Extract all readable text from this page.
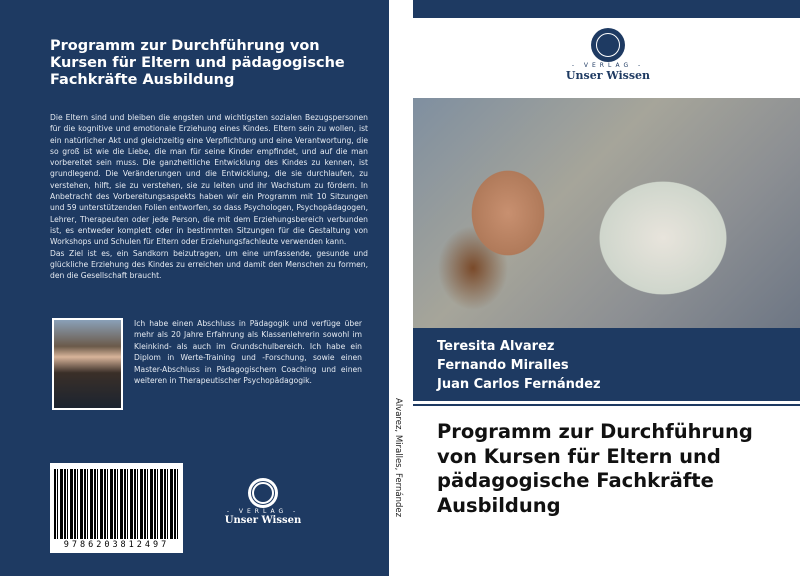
Programm zur Durchführung von Kursen für Eltern und pädagogische Fachkräfte Ausbildung

Die Eltern sind und bleiben die engsten und wichtigsten sozialen Bezugspersonen für die kognitive und emotionale Erziehung eines Kindes. Eltern sein zu wollen, ist ein natürlicher Akt und gleichzeitig eine Verpflichtung und eine Verantwortung, die so groß ist wie die Liebe, die man für seine Kinder empfindet, und auf die man vorbereitet sein muss. Die ganzheitliche Entwicklung des Kindes zu kennen, ist grundlegend. Die Veränderungen und die Entwicklung, die sie durchlaufen, zu verstehen, hilft, sie zu verstehen, sie zu leiten und ihr Wachstum zu fördern. In Anbetracht des Vorbereitungsaspekts haben wir ein Programm mit 10 Sitzungen und 59 unterstützenden Folien entworfen, so dass Psychologen, Psychopädagogen, Lehrer, Therapeuten oder jede Person, die mit dem Erziehungsbereich verbunden ist, es entweder komplett oder in bestimmten Sitzungen für die Gestaltung von Workshops und Schulen für Eltern oder Erziehungsfachleute verwenden kann.

Das Ziel ist es, ein Sandkorn beizutragen, um eine umfassende, gesunde und glückliche Erziehung des Kindes zu erreichen und damit den Menschen zu formen, den die Gesellschaft braucht.

Ich habe einen Abschluss in Pädagogik und verfüge über mehr als 20 Jahre Erfahrung als Klassenlehrerin sowohl im Kleinkind- als auch im Grundschulbereich. Ich habe ein Diplom in Werte-Training und -Forschung, sowie einen Master-Abschluss in Pädagogischem Coaching und einen weiteren in Therapeutischer Psychopädagogik.
9786203812497
- VERLAG -
Unser Wissen
Alvarez, Miralles, Fernández
- VERLAG -
Unser Wissen
Teresita Alvarez
Fernando Miralles
Juan Carlos Fernández
Programm zur Durchführung von Kursen für Eltern und pädagogische Fachkräfte Ausbildung
